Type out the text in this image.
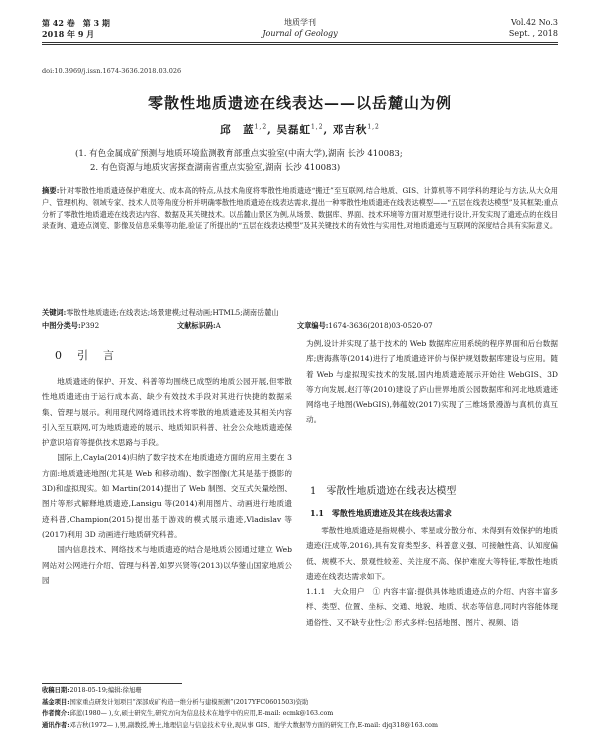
第 42 卷　第 3 期
2018 年 9 月
地质学刊
Journal of Geology
Vol.42 No.3
Sept. , 2018
doi:10.3969/j.issn.1674-3636.2018.03.026
零散性地质遗迹在线表达——以岳麓山为例
邱　蓝$^{1,2}$, 吴磊虹$^{1,2}$, 邓吉秋$^{1,2}$
(1. 有色金属成矿预测与地质环境监测教育部重点实验室(中南大学),湖南 长沙 410083;
2. 有色资源与地质灾害探查湖南省重点实验室,湖南 长沙 410083)
摘要:针对零散性地质遗迹保护难度大、成本高的特点,从技术角度将零散性地质遗迹“搬迁”至互联网,结合地质、GIS、计算机等不同学科的理论与方法,从大众用户、管理机构、领域专家、技术人员等角度分析并明确零散性地质遗迹在线表达需求,提出一种零散性地质遗迹在线表达模型——“五层在线表达模型”及其框架;重点分析了零散性地质遗迹在线表达内容、数据及其关键技术。以岳麓山景区为例,从场景、数据库、界面、技术环境等方面对原型进行设计,开发实现了遗迹点的在线目录查询、遗迹点浏览、影像及信息采集等功能,验证了所提出的“五层在线表达模型”及其关键技术的有效性与实用性,对地质遗迹与互联网的深度结合具有实际意义。
关键词:零散性地质遗迹;在线表达;场景建模;过程动画;HTML5;湖南岳麓山
中图分类号:P392	文献标识码:A	文章编号:1674-3636(2018)03-0520-07
0　引　言

地质遗迹的保护、开发、科普等均围绕已成型的地质公园开展,但零散性地质遗迹由于运行成本高、缺少有效技术手段对其进行快捷的数据采集、管理与展示。利用现代网络通讯技术将零散的地质遗迹及其相关内容引入至互联网,可为地质遗迹的展示、地质知识科普、社会公众地质遗迹保护意识培育等提供技术思路与手段。

国际上,Cayla(2014)归纳了数字技术在地质遗迹方面的应用主要在 3 方面:地质遗迹地图(尤其是 Web 和移动端)、数字图像(尤其是基于摄影的 3D)和虚拟现实。如 Martin(2014)提出了 Web 制图、交互式矢量绘图、图片等形式解释地质遗迹,Lansigu 等(2014)利用图片、动画进行地质遗迹科普,Champion(2015)提出基于游戏的模式展示遗迹,Vladislav 等(2017)利用 3D 动画进行地质研究科普。

国内信息技术、网络技术与地质遗迹的结合是地质公园通过建立 Web 网站对公网进行介绍、管理与科普,如罗兴贤等(2013)以华蓥山国家地质公园

为例,设计并实现了基于技术的 Web 数据库应用系统的程序界面和后台数据库;唐海燕等(2014)进行了地质遗迹评价与保护规划数据库建设与应用。随着 Web 与虚拟现实技术的发展,国内地质遗迹展示开始往 WebGIS、3D 等方向发展,赵汀等(2010)建设了庐山世界地质公园数据库和河北地质遗迹网络电子地图(WebGIS),韩蕴姣(2017)实现了三维场景漫游与真机仿真互动。

1　零散性地质遗迹在线表达模型
1.1　零散性地质遗迹及其在线表达需求

零散性地质遗迹是指规模小、零星或分散分布、未得到有效保护的地质遗迹(汪成等,2016),具有发育类型多、科普意义强、可接触性高、认知度偏低、规模不大、景观性较差、关注度不高、保护难度大等特征,零散性地质遗迹在线表达需求如下。

1.1.1　大众用户　① 内容丰富:提供具体地质遗迹点的介绍、内容丰富多样、类型、位置、坐标、交通、地貌、地质、状态等信息,同时内容能体现通俗性、又不缺专业性;② 形式多样:包括地图、图片、视频、语

收稿日期:2018-05-19;编辑:徐旭珊
基金项目:国家重点研发计划项目“深部成矿构造一维分析与建模预测”(2017YFC0601503)资助
作者简介:邱蓝(1980— ),女,硕士研究生,研究方向为信息技术在地学中的应用,E-mail: ecmk@163.com
通讯作者:邓吉秋(1972— ),男,副教授,博士,地理信息与信息技术专业,现从事 GIS、地学大数据等方面的研究工作,E-mail: djq318@163.com
